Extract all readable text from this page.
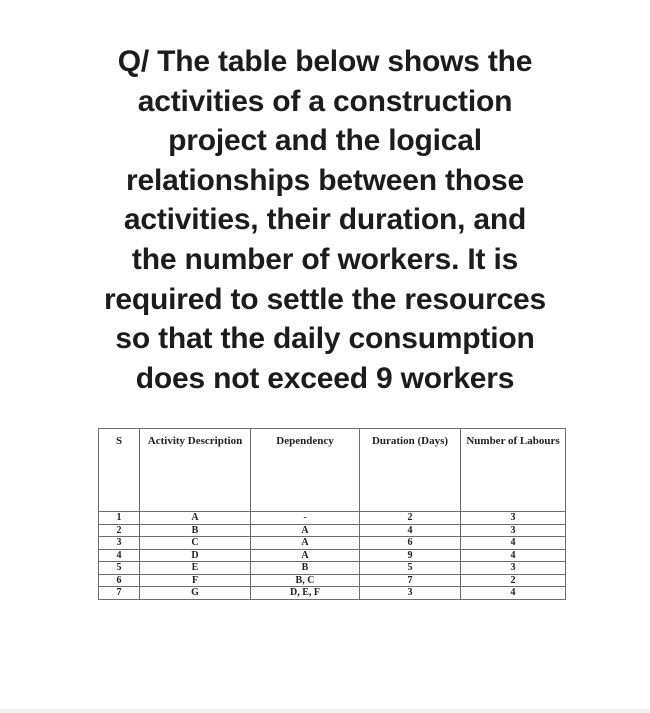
Q/ The table below shows the
activities of a construction
project and the logical
relationships between those
activities, their duration, and
the number of workers. It is
required to settle the resources
so that the daily consumption
does not exceed 9 workers
S	Activity Description	Dependency	Duration (Days)	Number of Labours
1	A	-	2	3
2	B	A	4	3
3	C	A	6	4
4	D	A	9	4
5	E	B	5	3
6	F	B, C	7	2
7	G	D, E, F	3	4
